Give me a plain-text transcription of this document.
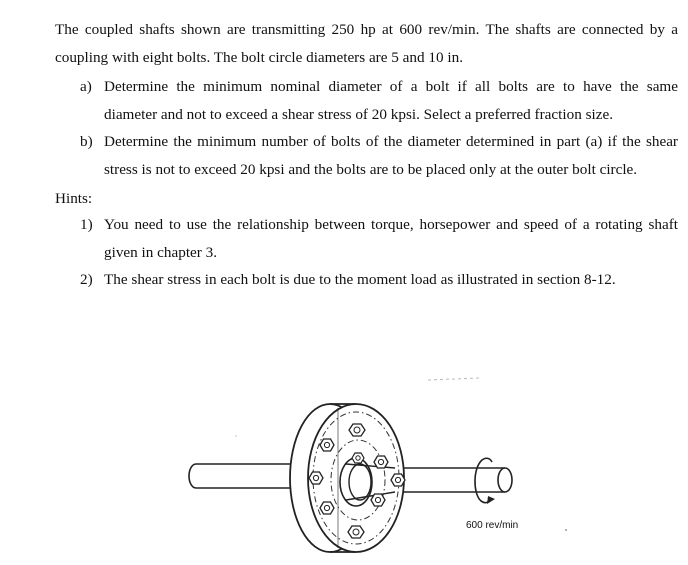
The coupled shafts shown are transmitting 250 hp at 600 rev/min. The shafts are connected by a

coupling with eight bolts. The bolt circle diameters are 5 and 10 in.

a) Determine the minimum nominal diameter of a bolt if all bolts are to have the same

diameter and not to exceed a shear stress of 20 kpsi. Select a preferred fraction size.

b) Determine the minimum number of bolts of the diameter determined in part (a) if the shear

stress is not to exceed 20 kpsi and the bolts are to be placed only at the outer bolt circle.

Hints:

1) You need to use the relationship between torque, horsepower and speed of a rotating shaft

given in chapter 3.

2) The shear stress in each bolt is due to the moment load as illustrated in section 8-12.

600 rev/min
